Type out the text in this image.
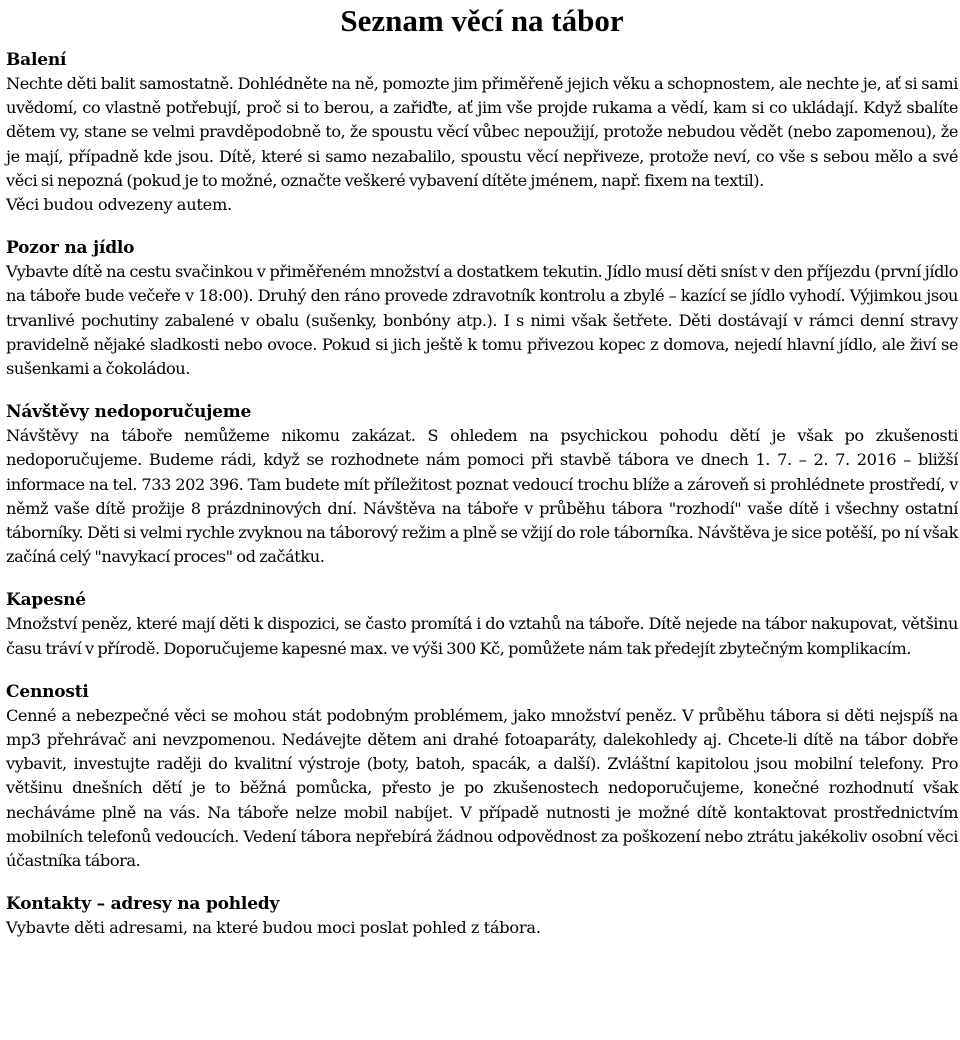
Seznam věcí na tábor
Balení

Nechte děti balit samostatně. Dohlédněte na ně, pomozte jim přiměřeně jejich věku a schopnostem, ale nechte je, ať si sami uvědomí, co vlastně potřebují, proč si to berou, a zařiďte, ať jim vše projde rukama a vědí, kam si co ukládají. Když sbalíte dětem vy, stane se velmi pravděpodobně to, že spoustu věcí vůbec nepoužijí, protože nebudou vědět (nebo zapomenou), že je mají, případně kde jsou. Dítě, které si samo nezabalilo, spoustu věcí nepřiveze, protože neví, co vše s sebou mělo a své věci si nepozná (pokud je to možné, označte veškeré vybavení dítěte jménem, např. fixem na textil).

Věci budou odvezeny autem.

Pozor na jídlo

Vybavte dítě na cestu svačinkou v přiměřeném množství a dostatkem tekutin. Jídlo musí děti sníst v den příjezdu (první jídlo na táboře bude večeře v 18:00). Druhý den ráno provede zdravotník kontrolu a zbylé – kazící se jídlo vyhodí. Výjimkou jsou trvanlivé pochutiny zabalené v obalu (sušenky, bonbóny atp.). I s nimi však šetřete. Děti dostávají v rámci denní stravy pravidelně nějaké sladkosti nebo ovoce. Pokud si jich ještě k tomu přivezou kopec z domova, nejedí hlavní jídlo, ale živí se sušenkami a čokoládou.

Návštěvy nedoporučujeme

Návštěvy na táboře nemůžeme nikomu zakázat. S ohledem na psychickou pohodu dětí je však po zkušenosti nedoporučujeme. Budeme rádi, když se rozhodnete nám pomoci při stavbě tábora ve dnech 1. 7. – 2. 7. 2016 – bližší informace na tel. 733 202 396. Tam budete mít příležitost poznat vedoucí trochu blíže a zároveň si prohlédnete prostředí, v němž vaše dítě prožije 8 prázdninových dní. Návštěva na táboře v průběhu tábora "rozhodí" vaše dítě i všechny ostatní táborníky. Děti si velmi rychle zvyknou na táborový režim a plně se vžijí do role táborníka. Návštěva je sice potěší, po ní však začíná celý "navykací proces" od začátku.

Kapesné

Množství peněz, které mají děti k dispozici, se často promítá i do vztahů na táboře. Dítě nejede na tábor nakupovat, většinu času tráví v přírodě. Doporučujeme kapesné max. ve výši 300 Kč, pomůžete nám tak předejít zbytečným komplikacím.

Cennosti

Cenné a nebezpečné věci se mohou stát podobným problémem, jako množství peněz. V průběhu tábora si děti nejspíš na mp3 přehrávač ani nevzpomenou. Nedávejte dětem ani drahé fotoaparáty, dalekohledy aj. Chcete-li dítě na tábor dobře vybavit, investujte raději do kvalitní výstroje (boty, batoh, spacák, a další). Zvláštní kapitolou jsou mobilní telefony. Pro většinu dnešních dětí je to běžná pomůcka, přesto je po zkušenostech nedoporučujeme, konečné rozhodnutí však necháváme plně na vás. Na táboře nelze mobil nabíjet. V případě nutnosti je možné dítě kontaktovat prostřednictvím mobilních telefonů vedoucích. Vedení tábora nepřebírá žádnou odpovědnost za poškození nebo ztrátu jakékoliv osobní věci účastníka tábora.

Kontakty – adresy na pohledy

Vybavte děti adresami, na které budou moci poslat pohled z tábora.
